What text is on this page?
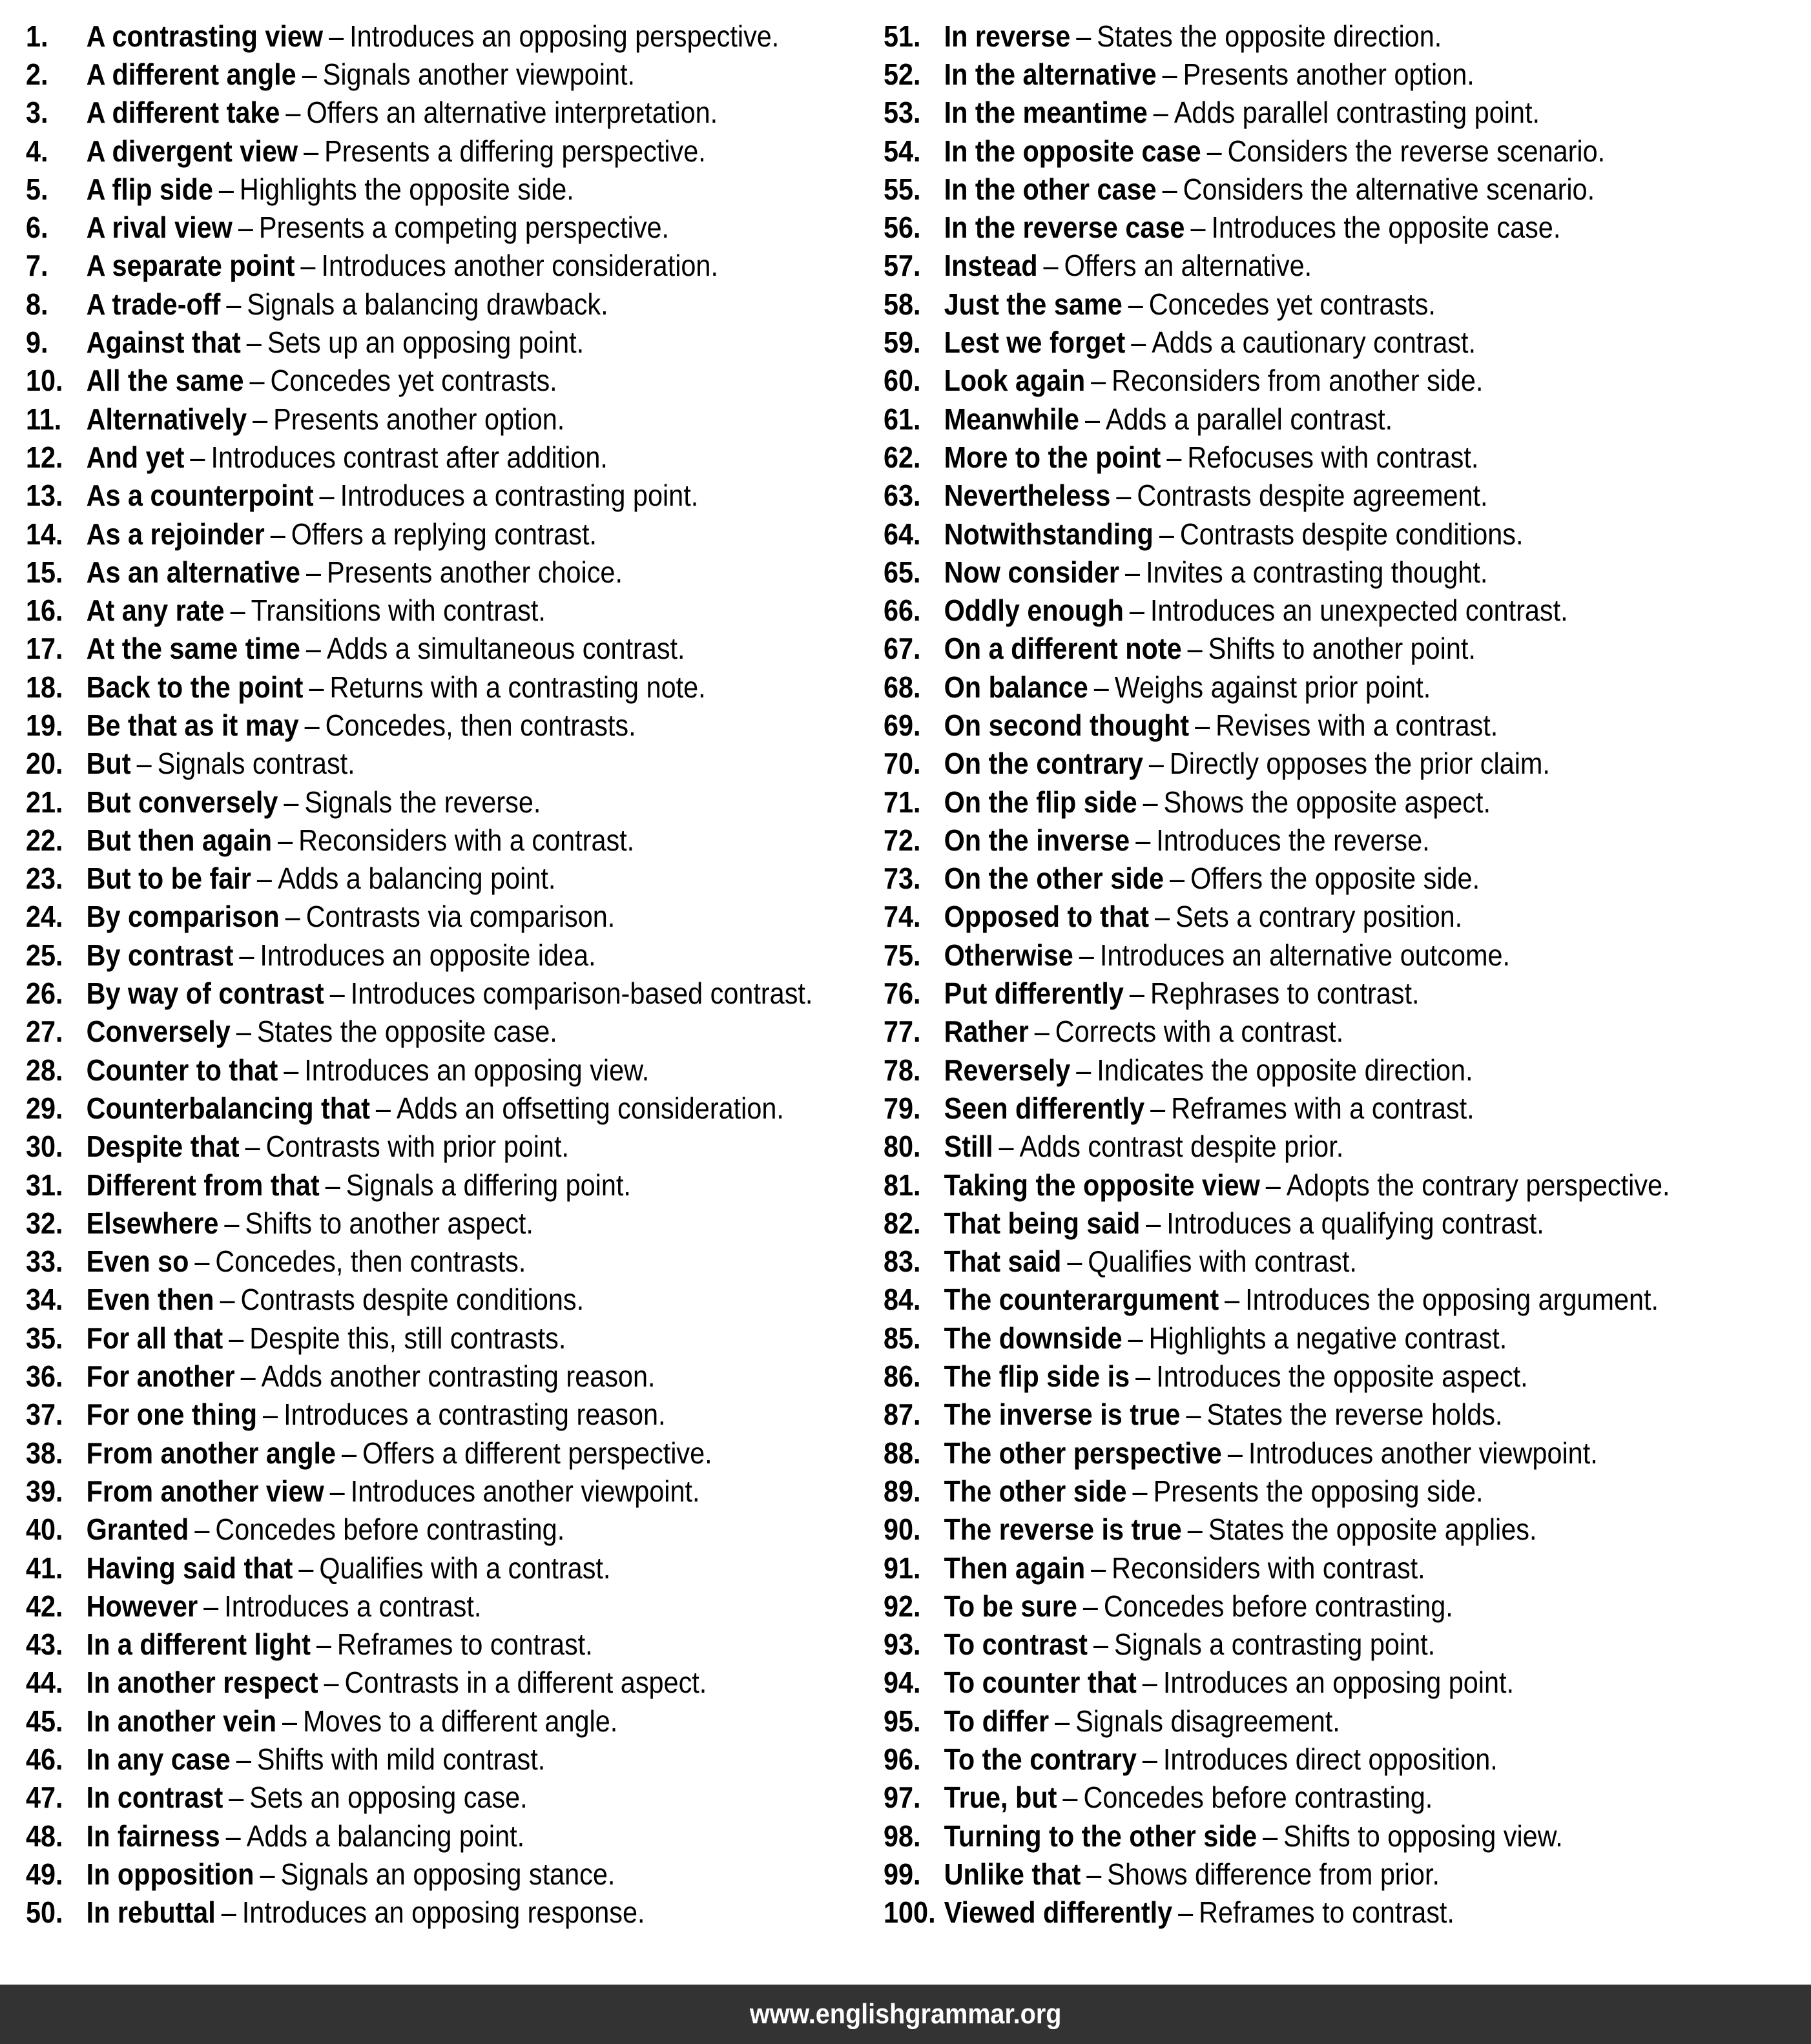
1.	A contrasting view – Introduces an opposing perspective.
2.	A different angle – Signals another viewpoint.
3.	A different take – Offers an alternative interpretation.
4.	A divergent view – Presents a differing perspective.
5.	A flip side – Highlights the opposite side.
6.	A rival view – Presents a competing perspective.
7.	A separate point – Introduces another consideration.
8.	A trade-off – Signals a balancing drawback.
9.	Against that – Sets up an opposing point.
10. All the same – Concedes yet contrasts.
11. Alternatively – Presents another option.
12. And yet – Introduces contrast after addition.
13. As a counterpoint – Introduces a contrasting point.
14. As a rejoinder – Offers a replying contrast.
15. As an alternative – Presents another choice.
16. At any rate – Transitions with contrast.
17. At the same time – Adds a simultaneous contrast.
18. Back to the point – Returns with a contrasting note.
19. Be that as it may – Concedes, then contrasts.
20. But – Signals contrast.
21. But conversely – Signals the reverse.
22. But then again – Reconsiders with a contrast.
23. But to be fair – Adds a balancing point.
24. By comparison – Contrasts via comparison.
25. By contrast – Introduces an opposite idea.
26. By way of contrast – Introduces comparison-based contrast.
27. Conversely – States the opposite case.
28. Counter to that – Introduces an opposing view.
29. Counterbalancing that – Adds an offsetting consideration.
30. Despite that – Contrasts with prior point.
31. Different from that – Signals a differing point.
32. Elsewhere – Shifts to another aspect.
33. Even so – Concedes, then contrasts.
34. Even then – Contrasts despite conditions.
35. For all that – Despite this, still contrasts.
36. For another – Adds another contrasting reason.
37. For one thing – Introduces a contrasting reason.
38. From another angle – Offers a different perspective.
39. From another view – Introduces another viewpoint.
40. Granted – Concedes before contrasting.
41. Having said that – Qualifies with a contrast.
42. However – Introduces a contrast.
43. In a different light – Reframes to contrast.
44. In another respect – Contrasts in a different aspect.
45. In another vein – Moves to a different angle.
46. In any case – Shifts with mild contrast.
47. In contrast – Sets an opposing case.
48. In fairness – Adds a balancing point.
49. In opposition – Signals an opposing stance.
50. In rebuttal – Introduces an opposing response.
51. In reverse – States the opposite direction.
52. In the alternative – Presents another option.
53. In the meantime – Adds parallel contrasting point.
54. In the opposite case – Considers the reverse scenario.
55. In the other case – Considers the alternative scenario.
56. In the reverse case – Introduces the opposite case.
57. Instead – Offers an alternative.
58. Just the same – Concedes yet contrasts.
59. Lest we forget – Adds a cautionary contrast.
60. Look again – Reconsiders from another side.
61. Meanwhile – Adds a parallel contrast.
62. More to the point – Refocuses with contrast.
63. Nevertheless – Contrasts despite agreement.
64. Notwithstanding – Contrasts despite conditions.
65. Now consider – Invites a contrasting thought.
66. Oddly enough – Introduces an unexpected contrast.
67. On a different note – Shifts to another point.
68. On balance – Weighs against prior point.
69. On second thought – Revises with a contrast.
70. On the contrary – Directly opposes the prior claim.
71. On the flip side – Shows the opposite aspect.
72. On the inverse – Introduces the reverse.
73. On the other side – Offers the opposite side.
74. Opposed to that – Sets a contrary position.
75. Otherwise – Introduces an alternative outcome.
76. Put differently – Rephrases to contrast.
77. Rather – Corrects with a contrast.
78. Reversely – Indicates the opposite direction.
79. Seen differently – Reframes with a contrast.
80. Still – Adds contrast despite prior.
81. Taking the opposite view – Adopts the contrary perspective.
82. That being said – Introduces a qualifying contrast.
83. That said – Qualifies with contrast.
84. The counterargument – Introduces the opposing argument.
85. The downside – Highlights a negative contrast.
86. The flip side is – Introduces the opposite aspect.
87. The inverse is true – States the reverse holds.
88. The other perspective – Introduces another viewpoint.
89. The other side – Presents the opposing side.
90. The reverse is true – States the opposite applies.
91. Then again – Reconsiders with contrast.
92. To be sure – Concedes before contrasting.
93. To contrast – Signals a contrasting point.
94. To counter that – Introduces an opposing point.
95. To differ – Signals disagreement.
96. To the contrary – Introduces direct opposition.
97. True, but – Concedes before contrasting.
98. Turning to the other side – Shifts to opposing view.
99. Unlike that – Shows difference from prior.
100. Viewed differently – Reframes to contrast.
www.englishgrammar.org
